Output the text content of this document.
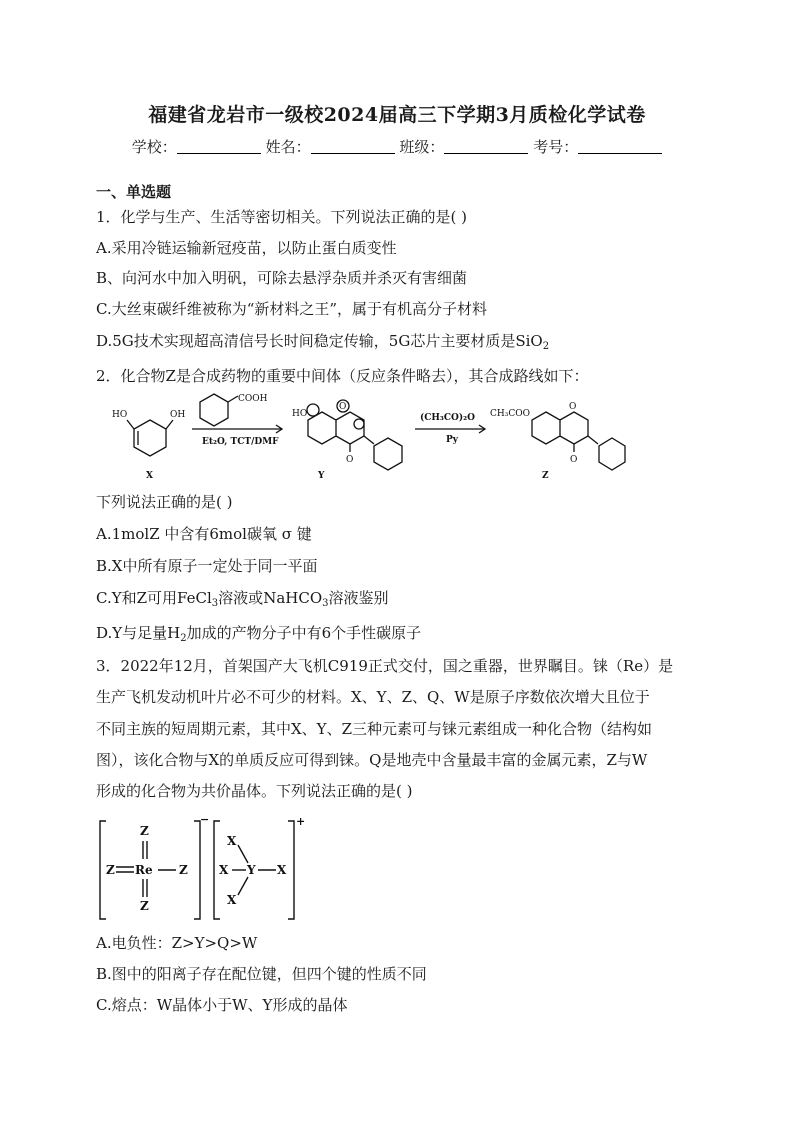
福建省龙岩市一级校2024届高三下学期3月质检化学试卷
学校：	姓名：	班级：	考号：
一、单选题
1．化学与生产、生活等密切相关。下列说法正确的是( )
A.采用冷链运输新冠疫苗，以防止蛋白质变性
B、向河水中加入明矾，可除去悬浮杂质并杀灭有害细菌
C.大丝束碳纤维被称为“新材料之王”，属于有机高分子材料
D.5G技术实现超高清信号长时间稳定传输，5G芯片主要材质是SiO$_2$
2．化合物Z是合成药物的重要中间体（反应条件略去），其合成路线如下：
HO	OH
X
COOH
Et₂O, TCT/DMF
HO
O
O
Y
(CH₃CO)₂O
Py
CH₃COO
O
O
Z
下列说法正确的是( )
A.1molZ 中含有6mol碳氧 σ 键
B.X中所有原子一定处于同一平面
C.Y和Z可用FeCl$_3$溶液或NaHCO$_3$溶液鉴别
D.Y与足量$H_2$加成的产物分子中有6个手性碳原子
3．2022年12月，首架国产大飞机C919正式交付，国之重器，世界瞩目。铼（Re）是
生产飞机发动机叶片必不可少的材料。X、Y、Z、Q、W是原子序数依次增大且位于
不同主族的短周期元素，其中X、Y、Z三种元素可与铼元素组成一种化合物（结构如
图），该化合物与X的单质反应可得到铼。Q是地壳中含量最丰富的金属元素，Z与W
形成的化合物为共价晶体。下列说法正确的是( )
Z
Z Re Z
Z
−
X
X Y X
X
+
A.电负性：Z>Y>Q>W
B.图中的阳离子存在配位键，但四个键的性质不同
C.熔点：W晶体小于W、Y形成的晶体
